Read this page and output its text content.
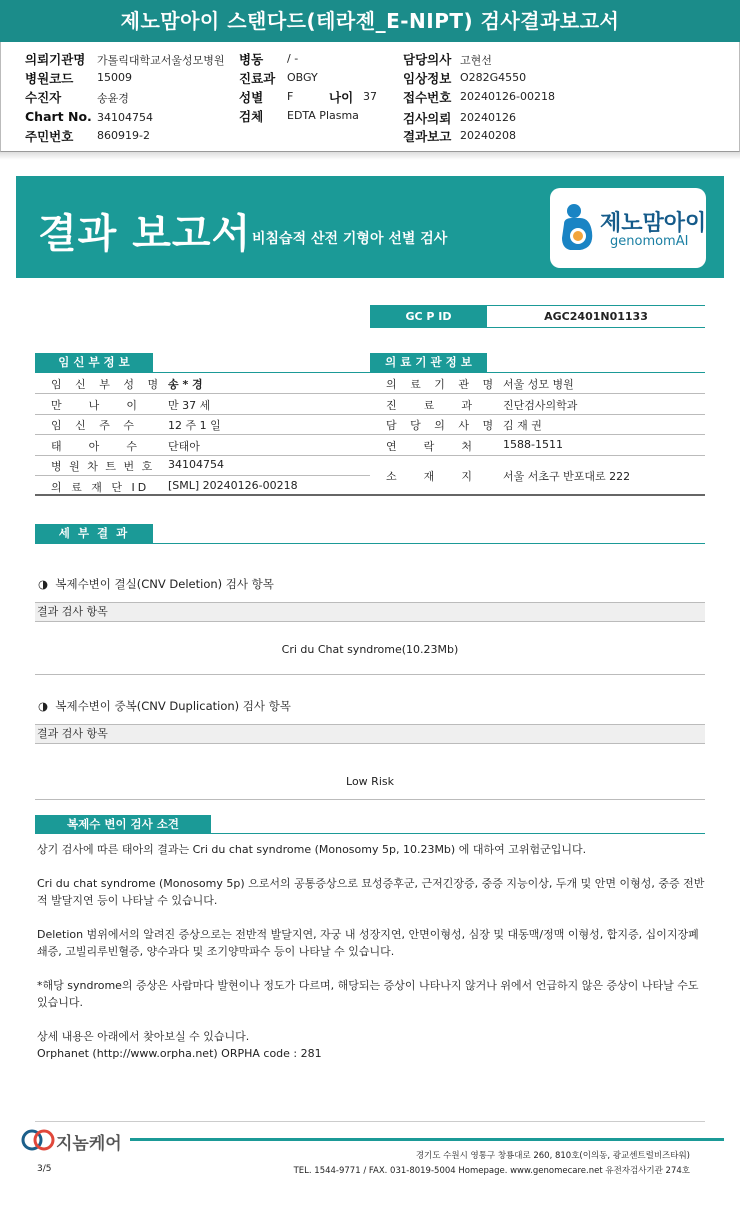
제노맘아이 스탠다드(테라젠_E-NIPT) 검사결과보고서
의뢰기관명 가톨릭대학교서울성모병원
병원코드 15009
수진자	송윤경
Chart No. 34104754
주민번호 860919-2
병동 / -
진료과 OBGY
성별 F	나이 37
검체 EDTA Plasma
담당의사 고현선
임상정보 O282G4550
접수번호 20240126-00218
검사의뢰 20240126
결과보고 20240208
결과 보고서 비침습적 산전 기형아 선별 검사
제노맘아이
genomomAI
GC P ID	AGC2401N01133
임 신 부 정 보
임 신 부 성 명 송 * 경
만 나 이	만 37 세
임 신 주 수	12 주 1 일
태 아 수	단태아
병 원 차 트 번 호 34104754
의 료 재 단 ID [SML] 20240126-00218
의 료 기 관 정 보
의 료 기 관 명 서울 성모 병원
진 료 과	진단검사의학과
담 당 의 사 명 김 재 권
연 락 처	1588-1511
소 재 지	서울 서초구 반포대로 222
세 부 결 과
◑ 복제수변이 결실(CNV Deletion) 검사 항목
결과 검사 항목
Cri du Chat syndrome(10.23Mb)
◑ 복제수변이 중복(CNV Duplication) 검사 항목
결과 검사 항목
Low Risk
복제수 변이 검사 소견
상기 검사에 따른 태아의 결과는 Cri du chat syndrome (Monosomy 5p, 10.23Mb) 에 대하여 고위험군입니다.
Cri du chat syndrome (Monosomy 5p) 으로서의 공통증상으로 묘성증후군, 근저긴장증, 중증 지능이상, 두개 및 안면 이형성, 중증 전반적 발달지연 등이 나타날 수 있습니다.
Deletion 범위에서의 알려진 증상으로는 전반적 발달지연, 자궁 내 성장지연, 안면이형성, 심장 및 대동맥/정맥 이형성, 합지증, 십이지장폐쇄증, 고빌리루빈혈증, 양수과다 및 조기양막파수 등이 나타날 수 있습니다.
*해당 syndrome의 증상은 사람마다 발현이나 정도가 다르며, 해당되는 증상이 나타나지 않거나 위에서 언급하지 않은 증상이 나타날 수도 있습니다.
상세 내용은 아래에서 찾아보실 수 있습니다.
Orphanet (http://www.orpha.net) ORPHA code : 281
지놈케어
3/5
경기도 수원시 영통구 창룡대로 260, 810호(이의동, 광교센트럴비즈타워)
TEL. 1544-9771 / FAX. 031-8019-5004 Homepage. www.genomecare.net 유전자검사기관 274호
